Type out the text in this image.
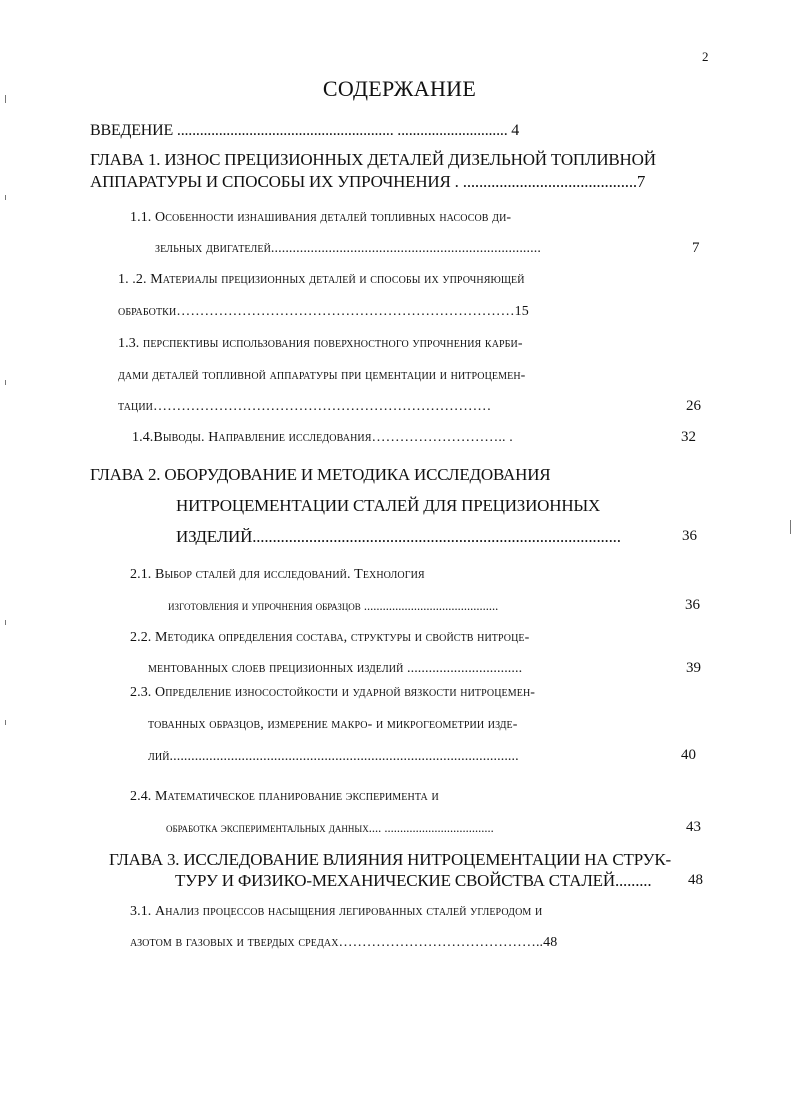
2
СОДЕРЖАНИЕ
ВВЕДЕНИЕ ......................................................... ............................. 4
ГЛАВА 1. ИЗНОС ПРЕЦИЗИОННЫХ ДЕТАЛЕЙ ДИЗЕЛЬНОЙ ТОПЛИВНОЙ
АППАРАТУРЫ И СПОСОБЫ ИХ УПРОЧНЕНИЯ . ...........................................7
1.1. Особенности изнашивания деталей топливных насосов ди-
зельных двигателей...........................................................................	7
1. .2. Материалы прецизионных деталей и способы их упрочняющей
обработки………………………………………………………………15
1.3. перспективы использования поверхностного упрочнения карби-
дами деталей топливной аппаратуры при цементации и нитроцемен-
тации………………………………………………………………	26
1.4.Выводы. Направление исследования……………………….. .	32
ГЛАВА 2. ОБОРУДОВАНИЕ И МЕТОДИКА ИССЛЕДОВАНИЯ
НИТРОЦЕМЕНТАЦИИ СТАЛЕЙ ДЛЯ ПРЕЦИЗИОННЫХ
ИЗДЕЛИЙ...........................................................................................	36
2.1. Выбор сталей для исследований. Технология
изготовления и упрочнения образцов ...........................................	36
2.2. Методика определения состава, структуры и свойств нитроце-
ментованных слоев прецизионных изделий ................................	39
2.3. Определение износостойкости и ударной вязкости нитроцемен-
тованных образцов, измерение макро- и микрогеометрии изде-
лий.................................................................................................	40
2.4. Математическое планирование эксперимента и
обработка экспериментальных данных.... ...................................	43
ГЛАВА 3. ИССЛЕДОВАНИЕ ВЛИЯНИЯ НИТРОЦЕМЕНТАЦИИ НА СТРУК-
ТУРУ И ФИЗИКО-МЕХАНИЧЕСКИЕ СВОЙСТВА СТАЛЕЙ......... 48
3.1. Анализ процессов насыщения легированных сталей углеродом и
азотом в газовых и твердых средах……………………………………..48
